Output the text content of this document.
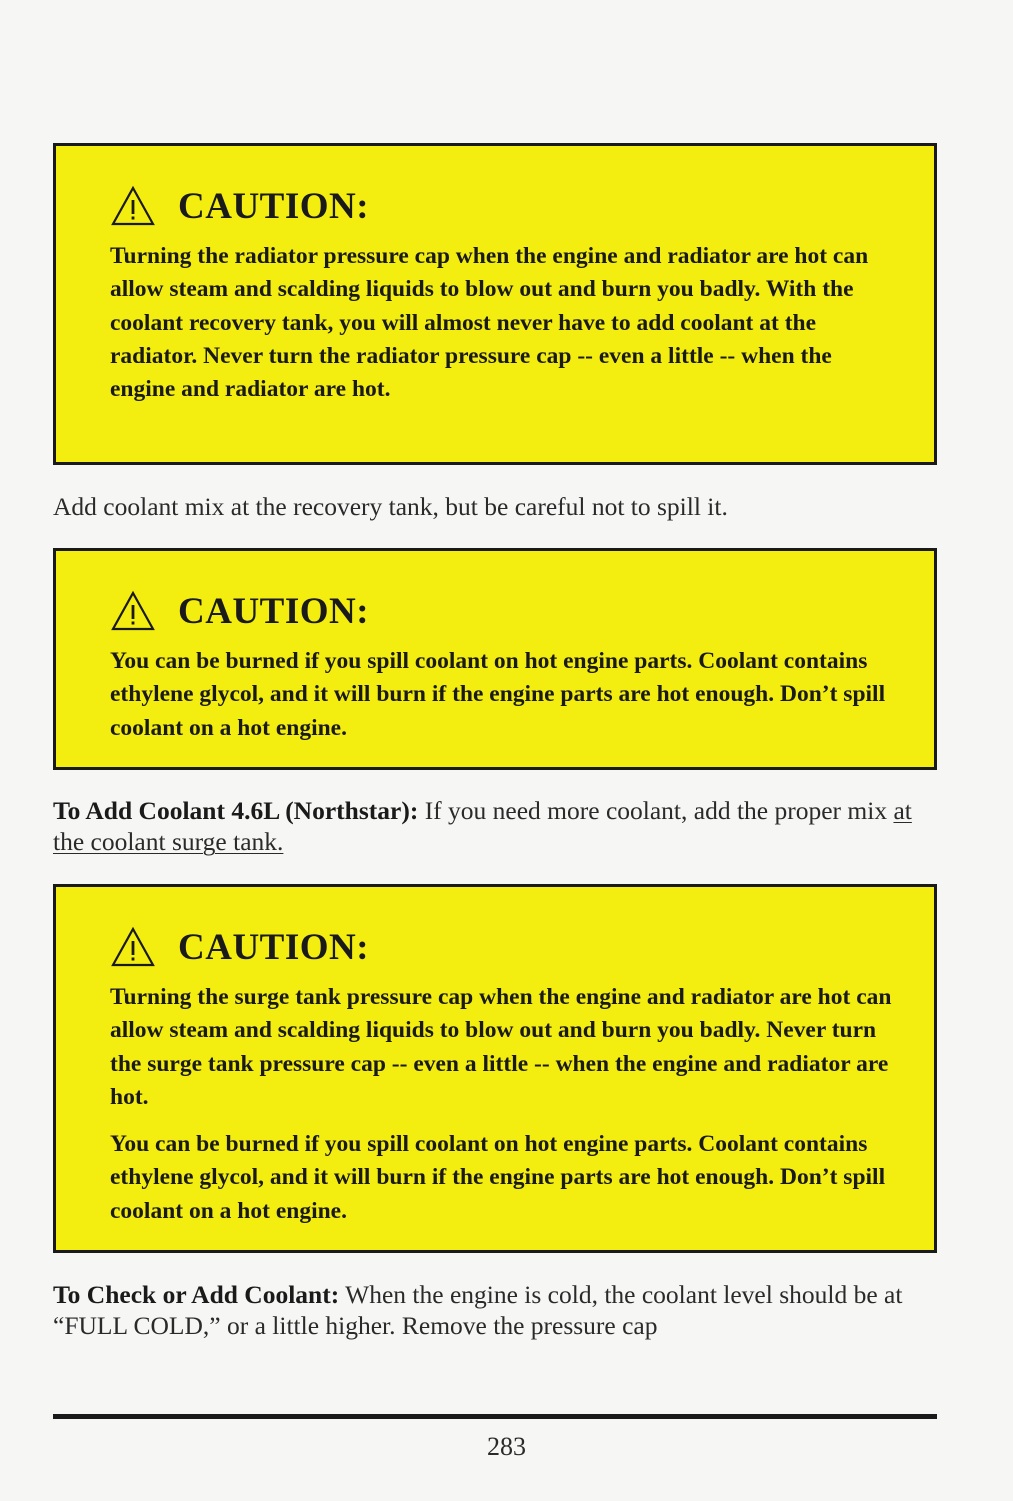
CAUTION:

Turning the radiator pressure cap when the engine and radiator are hot can allow steam and scalding liquids to blow out and burn you badly. With the coolant recovery tank, you will almost never have to add coolant at the radiator. Never turn the radiator pressure cap -- even a little -- when the engine and radiator are hot.

Add coolant mix at the recovery tank, but be careful not to spill it.

CAUTION:

You can be burned if you spill coolant on hot engine parts. Coolant contains ethylene glycol, and it will burn if the engine parts are hot enough. Don’t spill coolant on a hot engine.

To Add Coolant 4.6L (Northstar): If you need more coolant, add the proper mix at the coolant surge tank.

CAUTION:

Turning the surge tank pressure cap when the engine and radiator are hot can allow steam and scalding liquids to blow out and burn you badly. Never turn the surge tank pressure cap -- even a little -- when the engine and radiator are hot.

You can be burned if you spill coolant on hot engine parts. Coolant contains ethylene glycol, and it will burn if the engine parts are hot enough. Don’t spill coolant on a hot engine.

To Check or Add Coolant: When the engine is cold, the coolant level should be at “FULL COLD,” or a little higher. Remove the pressure cap

283
